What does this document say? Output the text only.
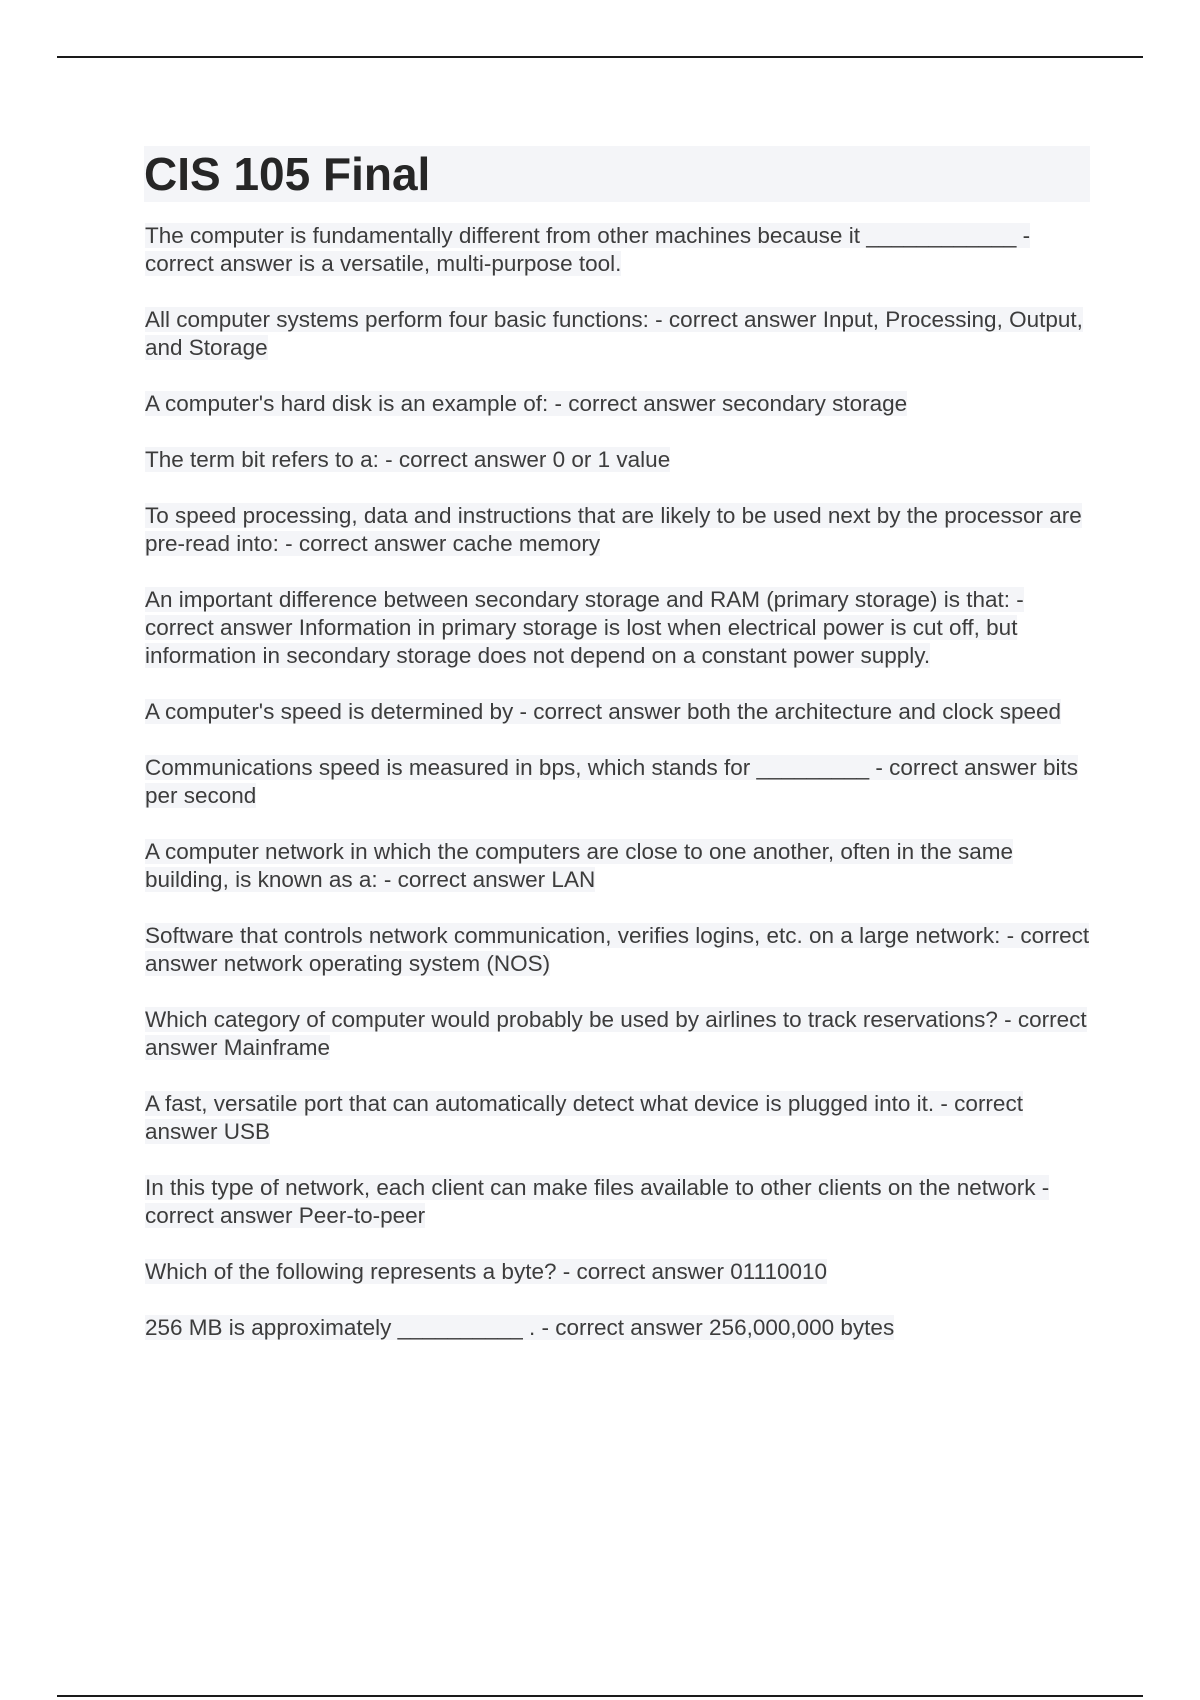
CIS 105 Final

The computer is fundamentally different from other machines because it ____________ - correct answer is a versatile, multi-purpose tool.

All computer systems perform four basic functions: - correct answer Input, Processing, Output, and Storage

A computer's hard disk is an example of: - correct answer secondary storage

The term bit refers to a: - correct answer 0 or 1 value

To speed processing, data and instructions that are likely to be used next by the processor are pre-read into: - correct answer cache memory

An important difference between secondary storage and RAM (primary storage) is that: - correct answer Information in primary storage is lost when electrical power is cut off, but information in secondary storage does not depend on a constant power supply.

A computer's speed is determined by - correct answer both the architecture and clock speed

Communications speed is measured in bps, which stands for _________ - correct answer bits per second

A computer network in which the computers are close to one another, often in the same building, is known as a: - correct answer LAN

Software that controls network communication, verifies logins, etc. on a large network: - correct answer network operating system (NOS)

Which category of computer would probably be used by airlines to track reservations? - correct answer Mainframe

A fast, versatile port that can automatically detect what device is plugged into it. - correct answer USB

In this type of network, each client can make files available to other clients on the network - correct answer Peer-to-peer

Which of the following represents a byte? - correct answer 01110010

256 MB is approximately __________ . - correct answer 256,000,000 bytes
